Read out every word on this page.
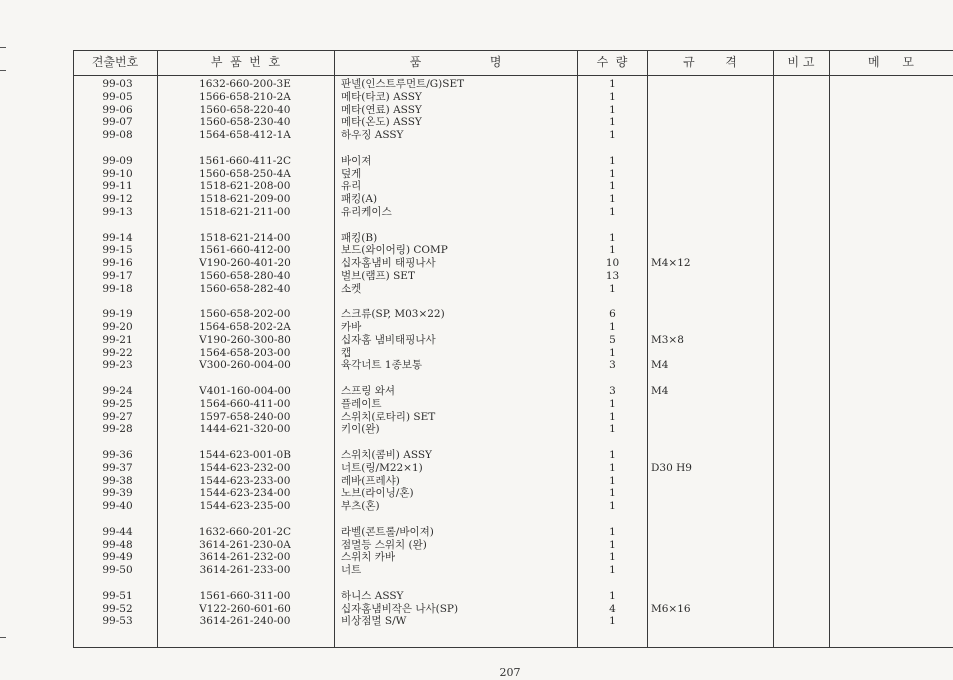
견출번호	부  품  번  호	품                  명	수  량	규        격	비 고	메      모
99-03	1632-660-200-3E	판넬(인스트루먼트/G)SET	1
99-05	1566-658-210-2A	메타(타코) ASSY	1
99-06	1560-658-220-40	메타(연료) ASSY	1
99-07	1560-658-230-40	메타(온도) ASSY	1
99-08	1564-658-412-1A	하우징 ASSY	1
99-09	1561-660-411-2C	바이져	1
99-10	1560-658-250-4A	덮게	1
99-11	1518-621-208-00	유리	1
99-12	1518-621-209-00	패킹(A)	1
99-13	1518-621-211-00	유리케이스	1
99-14	1518-621-214-00	패킹(B)	1
99-15	1561-660-412-00	보드(와이어링) COMP	1
99-16	V190-260-401-20	십자홈냄비 태핑나사	10	M4×12
99-17	1560-658-280-40	벌브(램프) SET	13
99-18	1560-658-282-40	소켓	1
99-19	1560-658-202-00	스크류(SP, M03×22)	6
99-20	1564-658-202-2A	카바	1
99-21	V190-260-300-80	십자홈 냄비태핑나사	5	M3×8
99-22	1564-658-203-00	캡	1
99-23	V300-260-004-00	육각너트 1종보통	3	M4
99-24	V401-160-004-00	스프링 와셔	3	M4
99-25	1564-660-411-00	플레이트	1
99-27	1597-658-240-00	스위치(로타리) SET	1
99-28	1444-621-320-00	키이(완)	1
99-36	1544-623-001-0B	스위치(콤비) ASSY	1
99-37	1544-623-232-00	너트(링/M22×1)	1	D30 H9
99-38	1544-623-233-00	레바(프레샤)	1
99-39	1544-623-234-00	노브(라이닝/혼)	1
99-40	1544-623-235-00	부츠(혼)	1
99-44	1632-660-201-2C	라벨(콘트롤/바이져)	1
99-48	3614-261-230-0A	점멸등 스위치 (완)	1
99-49	3614-261-232-00	스위치 카바	1
99-50	3614-261-233-00	너트	1
99-51	1561-660-311-00	하니스 ASSY	1
99-52	V122-260-601-60	십자홈냄비작은 나사(SP)	4	M6×16
99-53	3614-261-240-00	비상점멸 S/W	1
207
